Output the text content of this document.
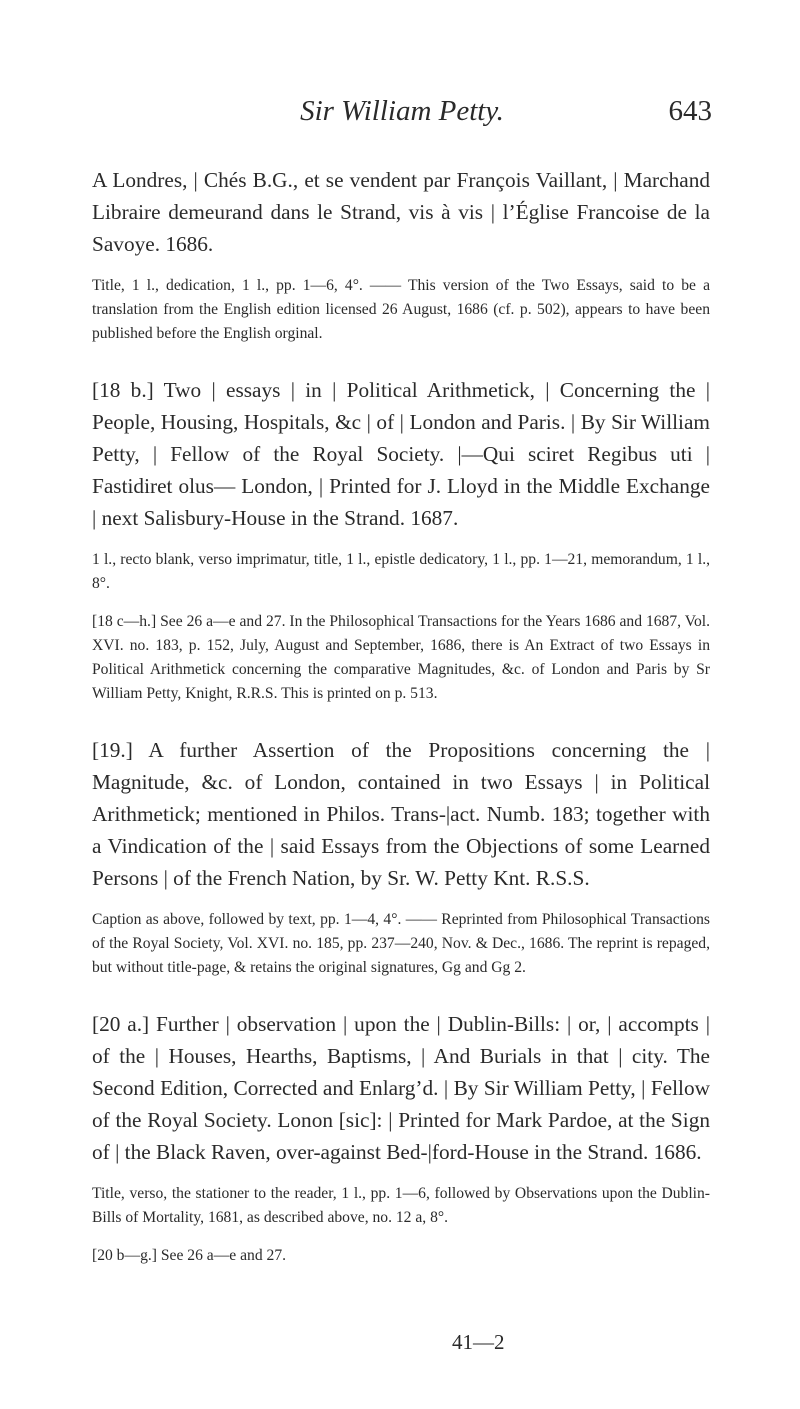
Sir William Petty.	643

A Londres, | Chés B.G., et se vendent par François Vaillant, | Marchand Libraire demeurand dans le Strand, vis à vis | l’Église Francoise de la Savoye. 1686.

Title, 1 l., dedication, 1 l., pp. 1—6, 4°. —— This version of the Two Essays, said to be a translation from the English edition licensed 26 August, 1686 (cf. p. 502), appears to have been published before the English orginal.

[18 b.] Two | essays | in | Political Arithmetick, | Concerning the | People, Housing, Hospitals, &c | of | London and Paris. | By Sir William Petty, | Fellow of the Royal Society. |—Qui sciret Regibus uti | Fastidiret olus— London, | Printed for J. Lloyd in the Middle Exchange | next Salisbury-House in the Strand. 1687.

1 l., recto blank, verso imprimatur, title, 1 l., epistle dedicatory, 1 l., pp. 1—21, memorandum, 1 l., 8°.

[18 c—h.] See 26 a—e and 27. In the Philosophical Transactions for the Years 1686 and 1687, Vol. XVI. no. 183, p. 152, July, August and September, 1686, there is An Extract of two Essays in Political Arithmetick concerning the comparative Magnitudes, &c. of London and Paris by Sr William Petty, Knight, R.R.S. This is printed on p. 513.

[19.] A further Assertion of the Propositions concerning the | Magnitude, &c. of London, contained in two Essays | in Political Arithmetick; mentioned in Philos. Trans-|act. Numb. 183; together with a Vindication of the | said Essays from the Objections of some Learned Persons | of the French Nation, by Sr. W. Petty Knt. R.S.S.

Caption as above, followed by text, pp. 1—4, 4°. —— Reprinted from Philosophical Transactions of the Royal Society, Vol. XVI. no. 185, pp. 237—240, Nov. & Dec., 1686. The reprint is repaged, but without title-page, & retains the original signatures, Gg and Gg 2.

[20 a.] Further | observation | upon the | Dublin-Bills: | or, | accompts | of the | Houses, Hearths, Baptisms, | And Burials in that | city. The Second Edition, Corrected and Enlarg’d. | By Sir William Petty, | Fellow of the Royal Society. Lonon [sic]: | Printed for Mark Pardoe, at the Sign of | the Black Raven, over-against Bed-|ford-House in the Strand. 1686.

Title, verso, the stationer to the reader, 1 l., pp. 1—6, followed by Observations upon the Dublin-Bills of Mortality, 1681, as described above, no. 12 a, 8°.

[20 b—g.] See 26 a—e and 27.

41—2
